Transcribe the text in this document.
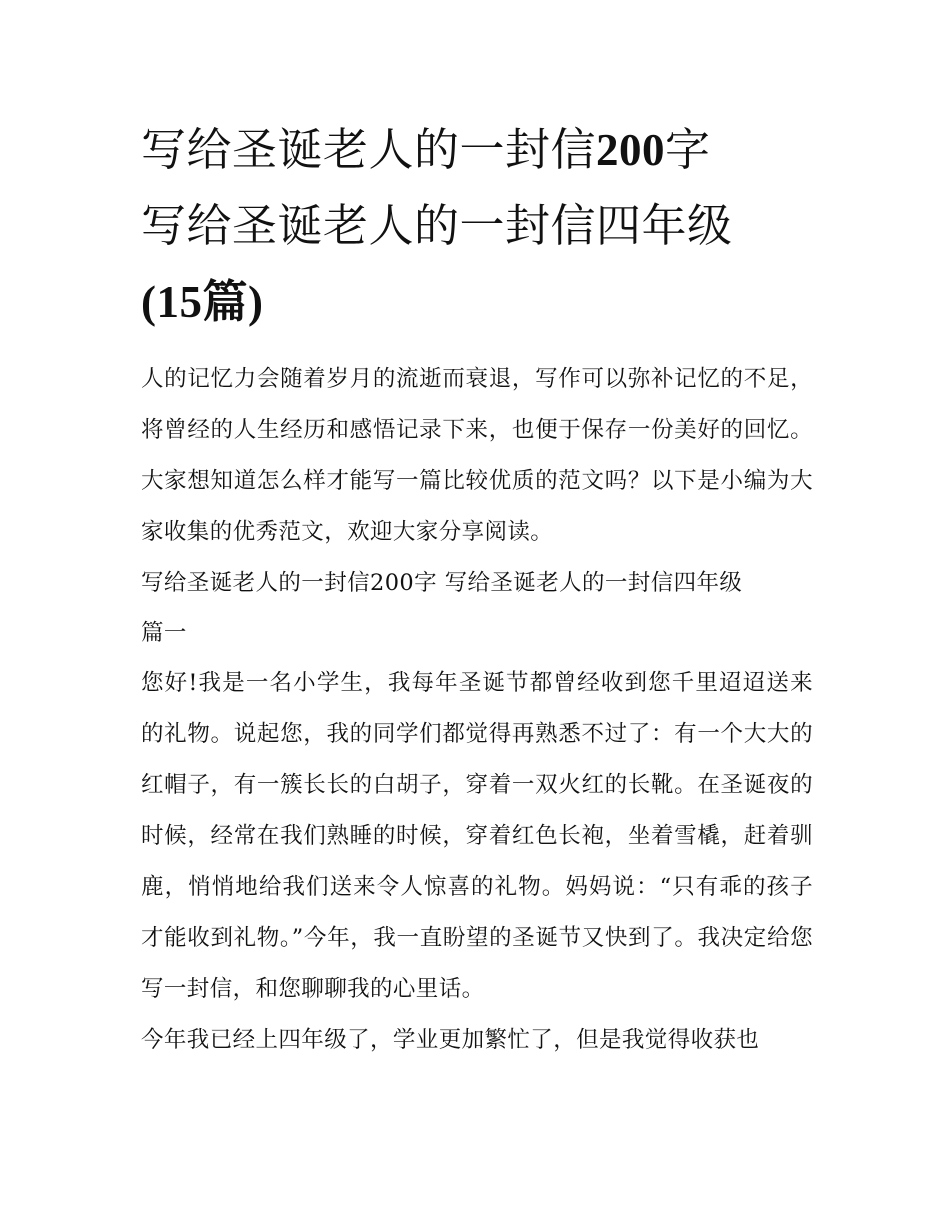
写给圣诞老人的一封信200字
写给圣诞老人的一封信四年级
(15篇)

人的记忆力会随着岁月的流逝而衰退，写作可以弥补记忆的不足，将曾经的人生经历和感悟记录下来，也便于保存一份美好的回忆。大家想知道怎么样才能写一篇比较优质的范文吗？以下是小编为大家收集的优秀范文，欢迎大家分享阅读。

写给圣诞老人的一封信200字 写给圣诞老人的一封信四年级

篇一

您好!我是一名小学生，我每年圣诞节都曾经收到您千里迢迢送来的礼物。说起您，我的同学们都觉得再熟悉不过了：有一个大大的红帽子，有一簇长长的白胡子，穿着一双火红的长靴。在圣诞夜的时候，经常在我们熟睡的时候，穿着红色长袍，坐着雪橇，赶着驯鹿，悄悄地给我们送来令人惊喜的礼物。妈妈说：“只有乖的孩子才能收到礼物。”今年，我一直盼望的圣诞节又快到了。我决定给您写一封信，和您聊聊我的心里话。

今年我已经上四年级了，学业更加繁忙了，但是我觉得收获也
